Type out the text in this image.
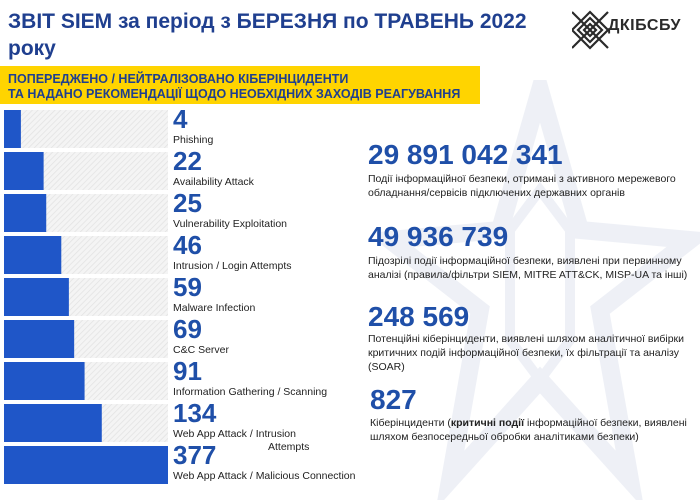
ЗВІТ SIEM за період з БЕРЕЗНЯ по ТРАВЕНЬ 2022 року
ДКІБСБУ
ПОПЕРЕДЖЕНО / НЕЙТРАЛІЗОВАНО КІБЕРІНЦИДЕНТИ
ТА НАДАНО РЕКОМЕНДАЦІЇ ЩОДО НЕОБХІДНИХ ЗАХОДІВ РЕАГУВАННЯ
4
Phishing
22
Availability Attack
25
Vulnerability Exploitation
46
Intrusion / Login Attempts
59
Malware Infection
69
C&C Server
91
Information Gathering / Scanning
134
Web App Attack / Intrusion
Attempts
377
Web App Attack / Malicious Connection
29 891 042 341
Події інформаційної безпеки, отримані з активного мережевого обладнання/сервісів підключених державних органів
49 936 739
Підозрілі події інформаційної безпеки, виявлені при первинному аналізі (правила/фільтри SIEM, MITRE ATT&CK, MISP-UA та інші)
248 569
Потенційні кіберінциденти, виявлені шляхом аналітичної вибірки критичних подій інформаційної безпеки, їх фільтрації та аналізу (SOAR)
827
Кіберінциденти (критичні події інформаційної безпеки, виявлені шляхом безпосередньої обробки аналітиками безпеки)
